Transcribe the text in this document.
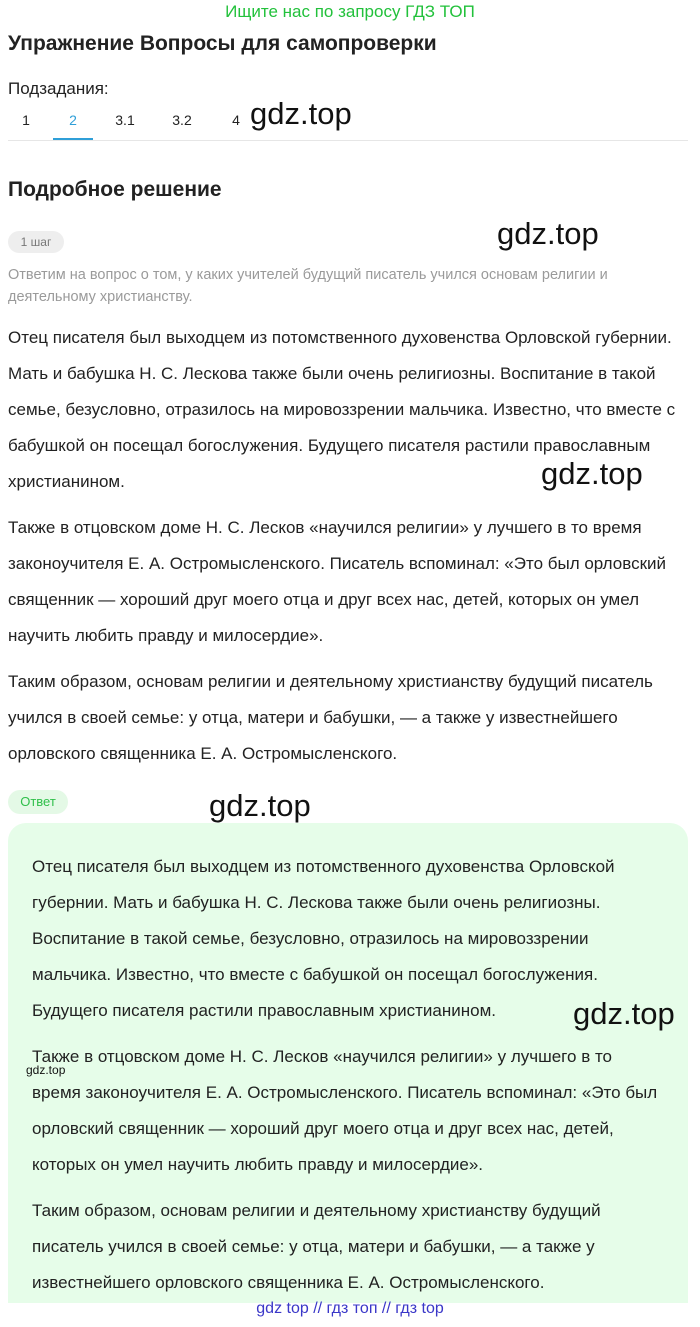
Ищите нас по запросу ГДЗ ТОП
Упражнение Вопросы для самопроверки
Подзадания:
1	2	3.1	3.2	4 gdz.top
Подробное решение
1 шаг	gdz.top
Ответим на вопрос о том, у каких учителей будущий писатель учился основам религии и деятельному христианству.

Отец писателя был выходцем из потомственного духовенства Орловской губернии. Мать и бабушка Н. С. Лескова также были очень религиозны. Воспитание в такой семье, безусловно, отразилось на мировоззрении мальчика. Известно, что вместе с бабушкой он посещал богослужения. Будущего писателя растили православным христианином.

Также в отцовском доме Н. С. Лесков «научился религии» у лучшего в то время законоучителя Е. А. Остромысленского. Писатель вспоминал: «Это был орловский священник — хороший друг моего отца и друг всех нас, детей, которых он умел научить любить правду и милосердие».

Таким образом, основам религии и деятельному христианству будущий писатель учился в своей семье: у отца, матери и бабушки, — а также у известнейшего орловского священника Е. А. Остромысленского.

gdz.top
Ответ	gdz.top

Отец писателя был выходцем из потомственного духовенства Орловской губернии. Мать и бабушка Н. С. Лескова также были очень религиозны. Воспитание в такой семье, безусловно, отразилось на мировоззрении мальчика. Известно, что вместе с бабушкой он посещал богослужения. Будущего писателя растили православным христианином.

Также в отцовском доме Н. С. Лесков «научился религии» у лучшего в то время законоучителя Е. А. Остромысленского. Писатель вспоминал: «Это был орловский священник — хороший друг моего отца и друг всех нас, детей, которых он умел научить любить правду и милосердие».

Таким образом, основам религии и деятельному христианству будущий писатель учился в своей семье: у отца, матери и бабушки, — а также у известнейшего орловского священника Е. А. Остромысленского.

gdz.top
gdz.top
gdz top // гдз топ // гдз top
